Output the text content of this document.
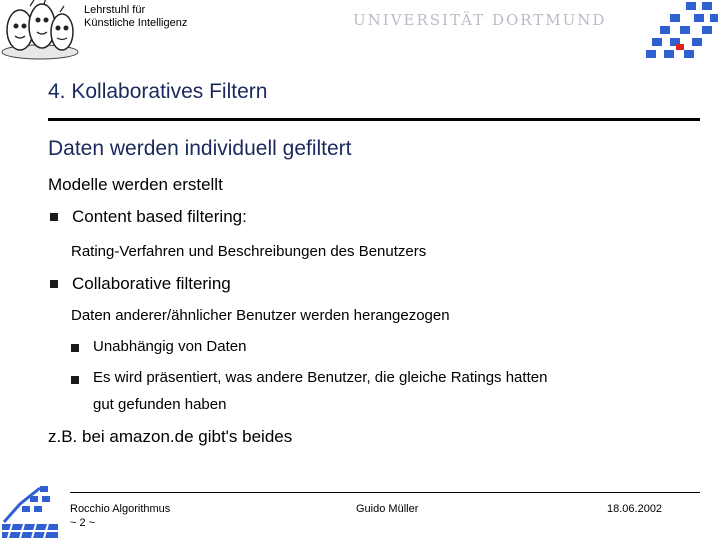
Lehrstuhl für
Künstliche Intelligenz	UNIVERSITÄT DORTMUND
4. Kollaboratives Filtern
Daten werden individuell gefiltert
Modelle werden erstellt
Content based filtering:
Rating-Verfahren und Beschreibungen des Benutzers
Collaborative filtering
Daten anderer/ähnlicher Benutzer werden herangezogen
Unabhängig von Daten
Es wird präsentiert, was andere Benutzer, die gleiche Ratings hatten
gut gefunden haben
z.B. bei amazon.de gibt's beides
Rocchio Algorithmus
~ 2 ~
Guido Müller	18.06.2002
